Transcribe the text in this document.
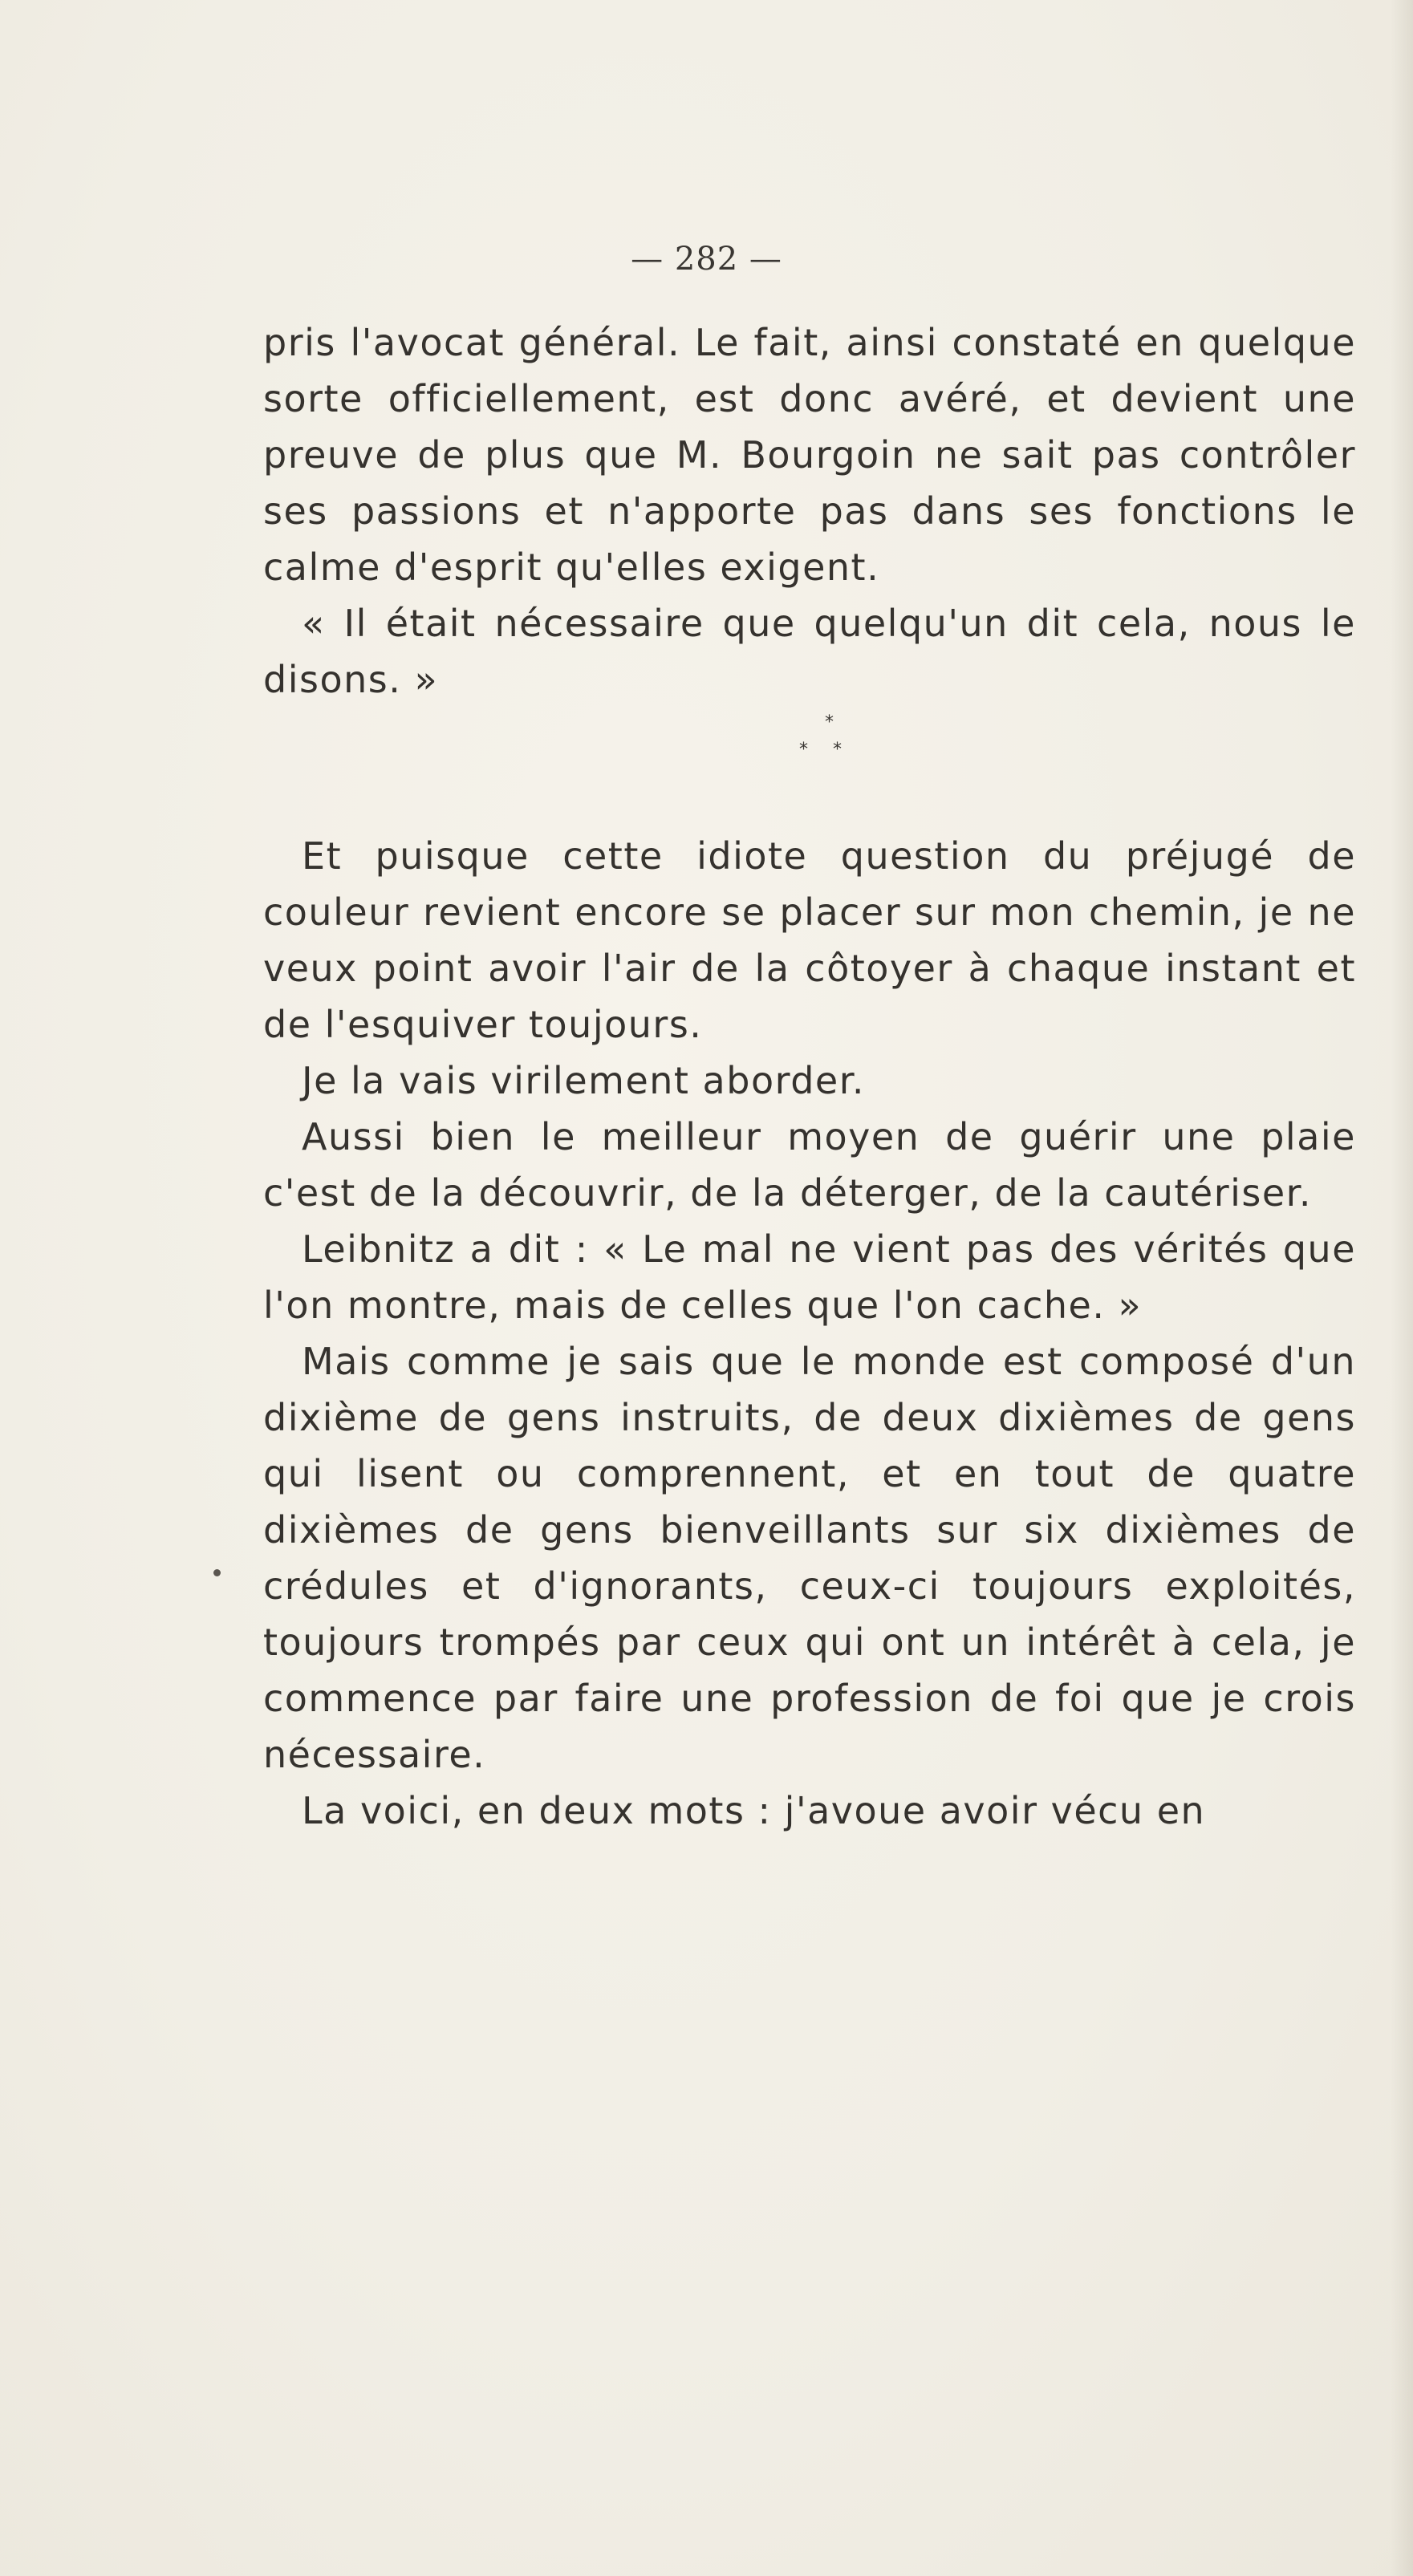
— 282 —

pris l'avocat général. Le fait, ainsi constaté en quelque sorte officiellement, est donc avéré, et devient une preuve de plus que M. Bourgoin ne sait pas contrôler ses passions et n'apporte pas dans ses fonctions le calme d'esprit qu'elles exigent.

« Il était nécessaire que quelqu'un dit cela, nous le disons. »

*
* *

Et puisque cette idiote question du préjugé de couleur revient encore se placer sur mon chemin, je ne veux point avoir l'air de la côtoyer à chaque instant et de l'esquiver toujours.

Je la vais virilement aborder.

Aussi bien le meilleur moyen de guérir une plaie c'est de la découvrir, de la déterger, de la cautériser.

Leibnitz a dit : « Le mal ne vient pas des vérités que l'on montre, mais de celles que l'on cache. »

Mais comme je sais que le monde est composé d'un dixième de gens instruits, de deux dixièmes de gens qui lisent ou comprennent, et en tout de quatre dixièmes de gens bienveillants sur six dixièmes de crédules et d'ignorants, ceux-ci toujours exploités, toujours trompés par ceux qui ont un intérêt à cela, je commence par faire une profession de foi que je crois nécessaire.

La voici, en deux mots : j'avoue avoir vécu en
